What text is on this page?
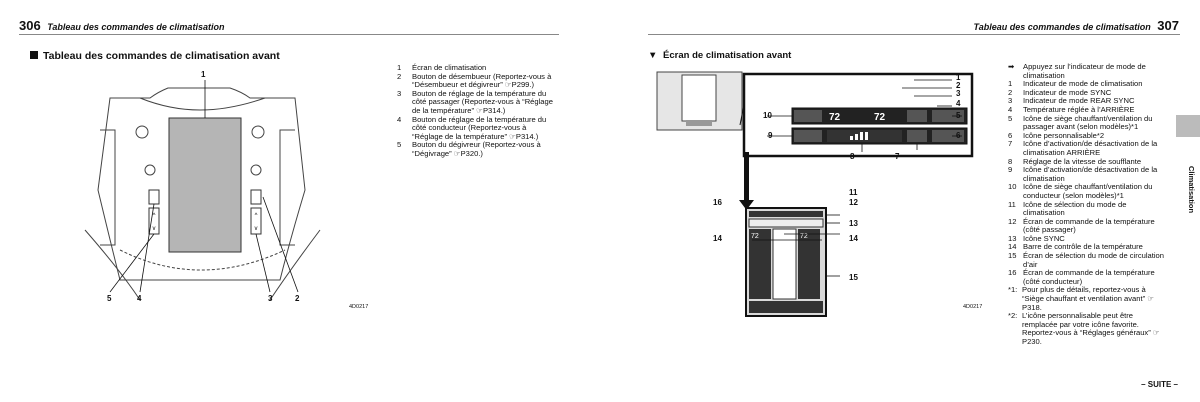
306 Tableau des commandes de climatisation
Tableau des commandes de climatisation avant
^
v
^
v
1
2
3
4
5
4D0217
1	Écran de climatisation
2	Bouton de désembueur (Reportez-vous à “Désembueur et dégivreur” ☞P299.)
3	Bouton de réglage de la température du côté passager (Reportez-vous à “Réglage de la température” ☞P314.)
4	Bouton de réglage de la température du côté conducteur (Reportez-vous à “Réglage de la température” ☞P314.)
5	Bouton du dégivreur (Reportez-vous à “Dégivrage” ☞P320.)
Tableau des commandes de climatisation 307
▼ Écran de climatisation avant
72	72
72	72
1
2
3
4
5
6
7
8
9
10
11
12
13
14	14
15
16
4D0217
➡	Appuyez sur l’indicateur de mode de climatisation
1	Indicateur de mode de climatisation
2	Indicateur de mode SYNC
3	Indicateur de mode REAR SYNC
4	Température réglée à l’ARRIÈRE
5	Icône de siège chauffant/ventilation du passager avant (selon modèles)*1
6	Icône personnalisable*2
7	Icône d’activation/de désactivation de la climatisation ARRIÈRE
8	Réglage de la vitesse de soufflante
9	Icône d’activation/de désactivation de la climatisation
10 Icône de siège chauffant/ventilation du conducteur (selon modèles)*1
11 Icône de sélection du mode de climatisation
12 Écran de commande de la température (côté passager)
13 Icône SYNC
14 Barre de contrôle de la température
15 Écran de sélection du mode de circulation d’air
16 Écran de commande de la température (côté conducteur)
*1: Pour plus de détails, reportez-vous à “Siège chauffant et ventilation avant” ☞P318.
*2: L’icône personnalisable peut être remplacée par votre icône favorite. Reportez-vous à “Réglages généraux” ☞P230.
– SUITE –
Climatisation
